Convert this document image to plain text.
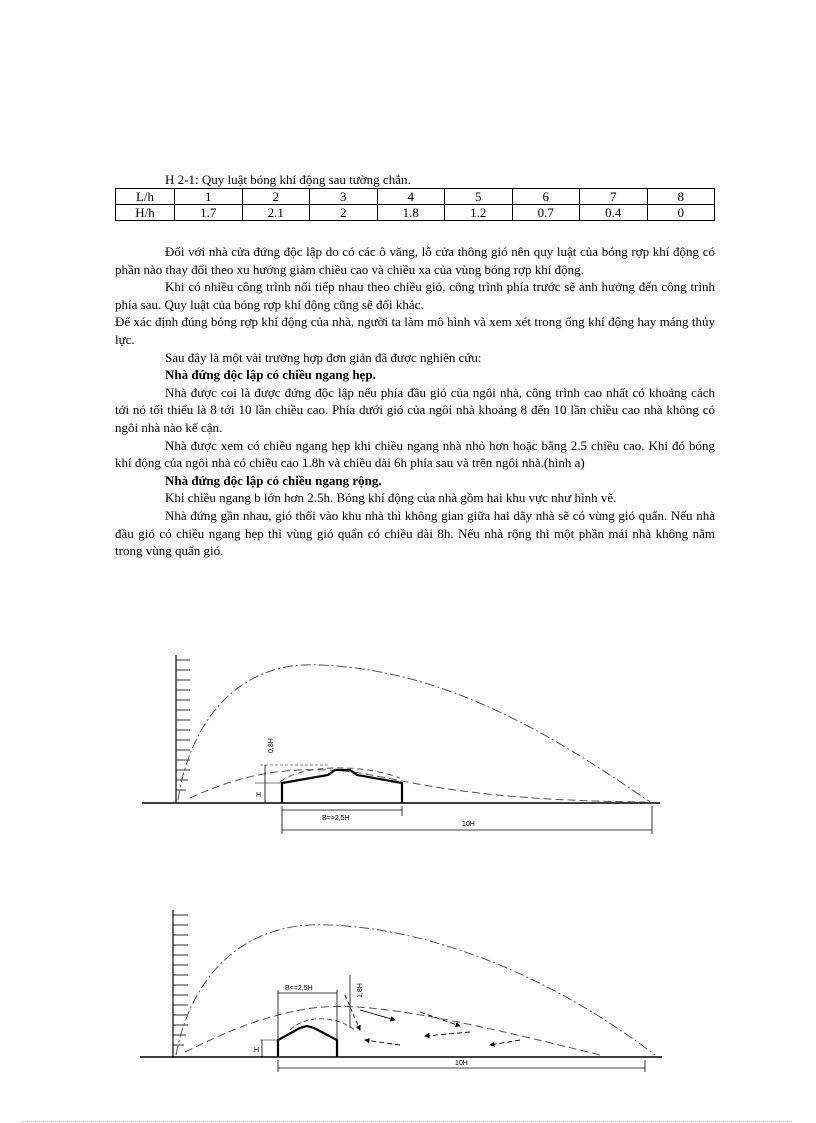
H 2-1: Quy luật bóng khí động sau tường chắn.
L/h	1	2	3	4	5	6	7	8
H/h	1.7	2.1	2	1.8	1.2	0.7	0.4	0

Đối với nhà cửa đứng độc lập do có các ô văng, lỗ cửa thông gió nên quy luật của bóng rợp khí động có phần nào thay đổi theo xu hướng giảm chiều cao và chiều xa của vùng bóng rợp khí động.

Khi có nhiều công trình nối tiếp nhau theo chiều gió, công trình phía trước sẽ ảnh hưởng đến công trình phía sau. Quy luật của bóng rợp khí động cũng sẽ đổi khác.

Để xác định đúng bóng rợp khí động của nhà, người ta làm mô hình và xem xét trong ống khí động hay máng thủy lực.

Sau đây là một vài trường hợp đơn giản đã được nghiên cứu:

Nhà đứng độc lập có chiều ngang hẹp.

Nhà được coi là được đứng độc lập nếu phía đầu gió của ngôi nhà, công trình cao nhất có khoảng cách tới nó tối thiểu là 8 tới 10 lần chiều cao. Phía dưới gió của ngôi nhà khoảng 8 đến 10 lần chiều cao nhà không có ngôi nhà nào kế cận.

Nhà được xem có chiều ngang hẹp khi chiều ngang nhà nhỏ hơn hoặc bằng 2.5 chiều cao. Khi đó bóng khí động của ngôi nhà có chiều cao 1.8h và chiều dài 6h phía sau và trên ngôi nhà.(hình a)

Nhà đứng độc lập có chiều ngang rộng.

Khi chiều ngang b lớn hơn 2.5h. Bóng khí động của nhà gồm hai khu vực như hình vẽ.

Nhà đứng gần nhau, gió thổi vào khu nhà thì không gian giữa hai dãy nhà sẽ có vùng gió quẩn. Nếu nhà đầu gió có chiều ngang hẹp thì vùng gió quẩn có chiều dài 8h. Nếu nhà rộng thì một phần mái nhà không nằm trong vùng quẩn gió.

0,8H
H
B=>2,5H
10H
H
B<=2,5H	1,8H
10H
